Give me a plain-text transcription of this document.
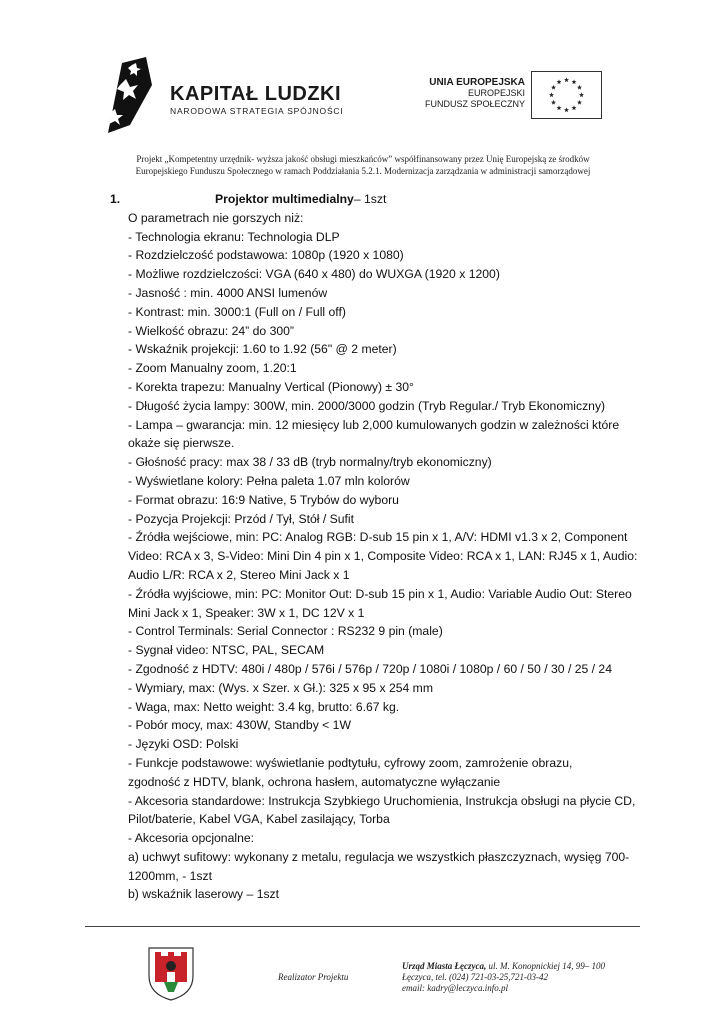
KAPITAŁ LUDZKI
NARODOWA STRATEGIA SPÓJNOŚCI
UNIA EUROPEJSKA
EUROPEJSKI
FUNDUSZ SPOŁECZNY
Projekt „Kompetentny urzędnik- wyższa jakość obsługi mieszkańców” współfinansowany przez Unię Europejską ze środków
Europejskiego Funduszu Społecznego w ramach Poddziałania 5.2.1. Modernizacja zarządzania w administracji samorządowej
1.	Projektor multimedialny – 1szt
O parametrach nie gorszych niż:
- Technologia ekranu: Technologia DLP
- Rozdzielczość podstawowa: 1080p (1920 x 1080)
- Możliwe rozdzielczości: VGA (640 x 480) do WUXGA (1920 x 1200)
- Jasność : min. 4000 ANSI lumenów
- Kontrast: min. 3000:1 (Full on / Full off)
- Wielkość obrazu: 24” do 300”
- Wskaźnik projekcji: 1.60 to 1.92 (56" @ 2 meter)
- Zoom Manualny zoom, 1.20:1
- Korekta trapezu: Manualny Vertical (Pionowy) ± 30°
- Długość życia lampy: 300W, min. 2000/3000 godzin (Tryb Regular./ Tryb Ekonomiczny)
- Lampa – gwarancja: min. 12 miesięcy lub 2,000 kumulowanych godzin w zależności które
okaże się pierwsze.
- Głośność pracy: max 38 / 33 dB (tryb normalny/tryb ekonomiczny)
- Wyświetlane kolory: Pełna paleta 1.07 mln kolorów
- Format obrazu: 16:9 Native, 5 Trybów do wyboru
- Pozycja Projekcji: Przód / Tył, Stół / Sufit
- Źródła wejściowe, min: PC: Analog RGB: D-sub 15 pin x 1, A/V: HDMI v1.3 x 2, Component
Video: RCA x 3, S-Video: Mini Din 4 pin x 1, Composite Video: RCA x 1, LAN: RJ45 x 1, Audio:
Audio L/R: RCA x 2, Stereo Mini Jack x 1
- Źródła wyjściowe, min: PC: Monitor Out: D-sub 15 pin x 1, Audio: Variable Audio Out: Stereo
Mini Jack x 1, Speaker: 3W x 1, DC 12V x 1
- Control Terminals: Serial Connector : RS232 9 pin (male)
- Sygnał video: NTSC, PAL, SECAM
- Zgodność z HDTV: 480i / 480p / 576i / 576p / 720p / 1080i / 1080p / 60 / 50 / 30 / 25 / 24
- Wymiary, max: (Wys. x Szer. x Gł.): 325 x 95 x 254 mm
- Waga, max: Netto weight: 3.4 kg, brutto: 6.67 kg.
- Pobór mocy, max: 430W, Standby < 1W
- Języki OSD: Polski
- Funkcje podstawowe: wyświetlanie podtytułu, cyfrowy zoom, zamrożenie obrazu,
zgodność z HDTV, blank, ochrona hasłem, automatyczne wyłączanie
- Akcesoria standardowe: Instrukcja Szybkiego Uruchomienia, Instrukcja obsługi na płycie CD,
Pilot/baterie, Kabel VGA, Kabel zasilający, Torba
- Akcesoria opcjonalne:
a) uchwyt sufitowy: wykonany z metalu, regulacja we wszystkich płaszczyznach, wysięg 700-
1200mm, - 1szt
b) wskaźnik laserowy – 1szt
Realizator Projektu
Urząd Miasta Łęczyca, ul. M. Konopnickiej 14, 99– 100
Łęczyca, tel. (024) 721-03-25,721-03-42
email: kadry@leczyca.info.pl
